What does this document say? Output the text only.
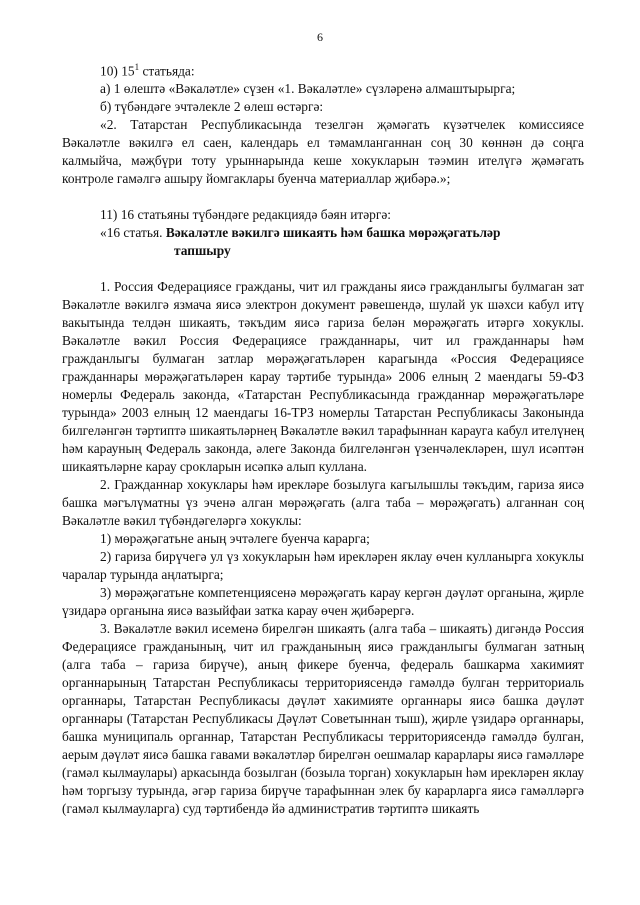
6

10) $15^1$ статьяда:

а) 1 өлештә «Вәкаләтле» сүзен «1. Вәкаләтле» сүзләренә алмаштырырга;

б) түбәндәге эчтәлекле 2 өлеш өстәргә:

«2. Татарстан Республикасында тезелгән җәмәгать күзәтчелек комиссиясе Вәкаләтле вәкилгә ел саен, календарь ел тәмамланганнан соң 30 көннән дә соңга калмыйча, мәҗбүри тоту урыннарында кеше хокукларын тәэмин ителүгә җәмәгать контроле гамәлгә ашыру йомгаклары буенча материаллар җибәрә.»;

11) 16 статьяны түбәндәге редакциядә бәян итәргә:

«16 статья. Вәкаләтле вәкилгә шикаять һәм башка мөрәҗәгатьләр

тапшыру

1. Россия Федерациясе гражданы, чит ил гражданы яисә гражданлыгы булмаган зат Вәкаләтле вәкилгә язмача яисә электрон документ рәвешендә, шулай ук шәхси кабул итү вакытында телдән шикаять, тәкъдим яисә гариза белән мөрәҗәгать итәргә хокуклы. Вәкаләтле вәкил Россия Федерациясе гражданнары, чит ил гражданнары һәм гражданлыгы булмаган затлар мөрәҗәгатьләрен карагында «Россия Федерациясе гражданнары мөрәҗәгатьләрен карау тәртибе турында» 2006 елның 2 маендагы 59-ФЗ номерлы Федераль законда, «Татарстан Республикасында гражданнар мөрәҗәгатьләре турында» 2003 елның 12 маендагы 16-ТРЗ номерлы Татарстан Республикасы Законында билгеләнгән тәртиптә шикаятьләрнең Вәкаләтле вәкил тарафыннан карауга кабул ителүнең һәм карауның Федераль законда, әлеге Законда билгеләнгән үзенчәлекләрен, шул исәптән шикаятьләрне карау срокларын исәпкә алып куллана.

2. Гражданнар хокуклары һәм ирекләре бозылуга кагылышлы тәкъдим, гариза яисә башка мәгълүматны үз эченә алган мөрәҗәгать (алга таба – мөрәҗәгать) алганнан соң Вәкаләтле вәкил түбәндәгеләргә хокуклы:

1) мөрәҗәгатьне аның эчтәлеге буенча карарга;

2) гариза бирүчегә ул үз хокукларын һәм ирекләрен яклау өчен кулланырга хокуклы чаралар турында аңлатырга;

3) мөрәҗәгатьне компетенциясенә мөрәҗәгать карау кергән дәүләт органына, җирле үзидарә органына яисә вазыйфаи затка карау өчен җибәрергә.

3. Вәкаләтле вәкил исеменә бирелгән шикаять (алга таба – шикаять) дигәндә Россия Федерациясе гражданының, чит ил гражданының яисә гражданлыгы булмаган затның (алга таба – гариза бирүче), аның фикере буенча, федераль башкарма хакимият органнарының Татарстан Республикасы территориясендә гамәлдә булган территориаль органнары, Татарстан Республикасы дәүләт хакимияте органнары яисә башка дәүләт органнары (Татарстан Республикасы Дәүләт Советыннан тыш), җирле үзидарә органнары, башка муниципаль органнар, Татарстан Республикасы территориясендә гамәлдә булган, аерым дәүләт яисә башка гавами вәкаләтләр бирелгән оешмалар карарлары яисә гамәлләре (гамәл кылмаулары) аркасында бозылган (бозыла торган) хокукларын һәм ирекләрен яклау һәм торгызу турында, әгәр гариза бирүче тарафыннан элек бу карарларга яисә гамәлләргә (гамәл кылмауларга) суд тәртибендә йә административ тәртиптә шикаять
